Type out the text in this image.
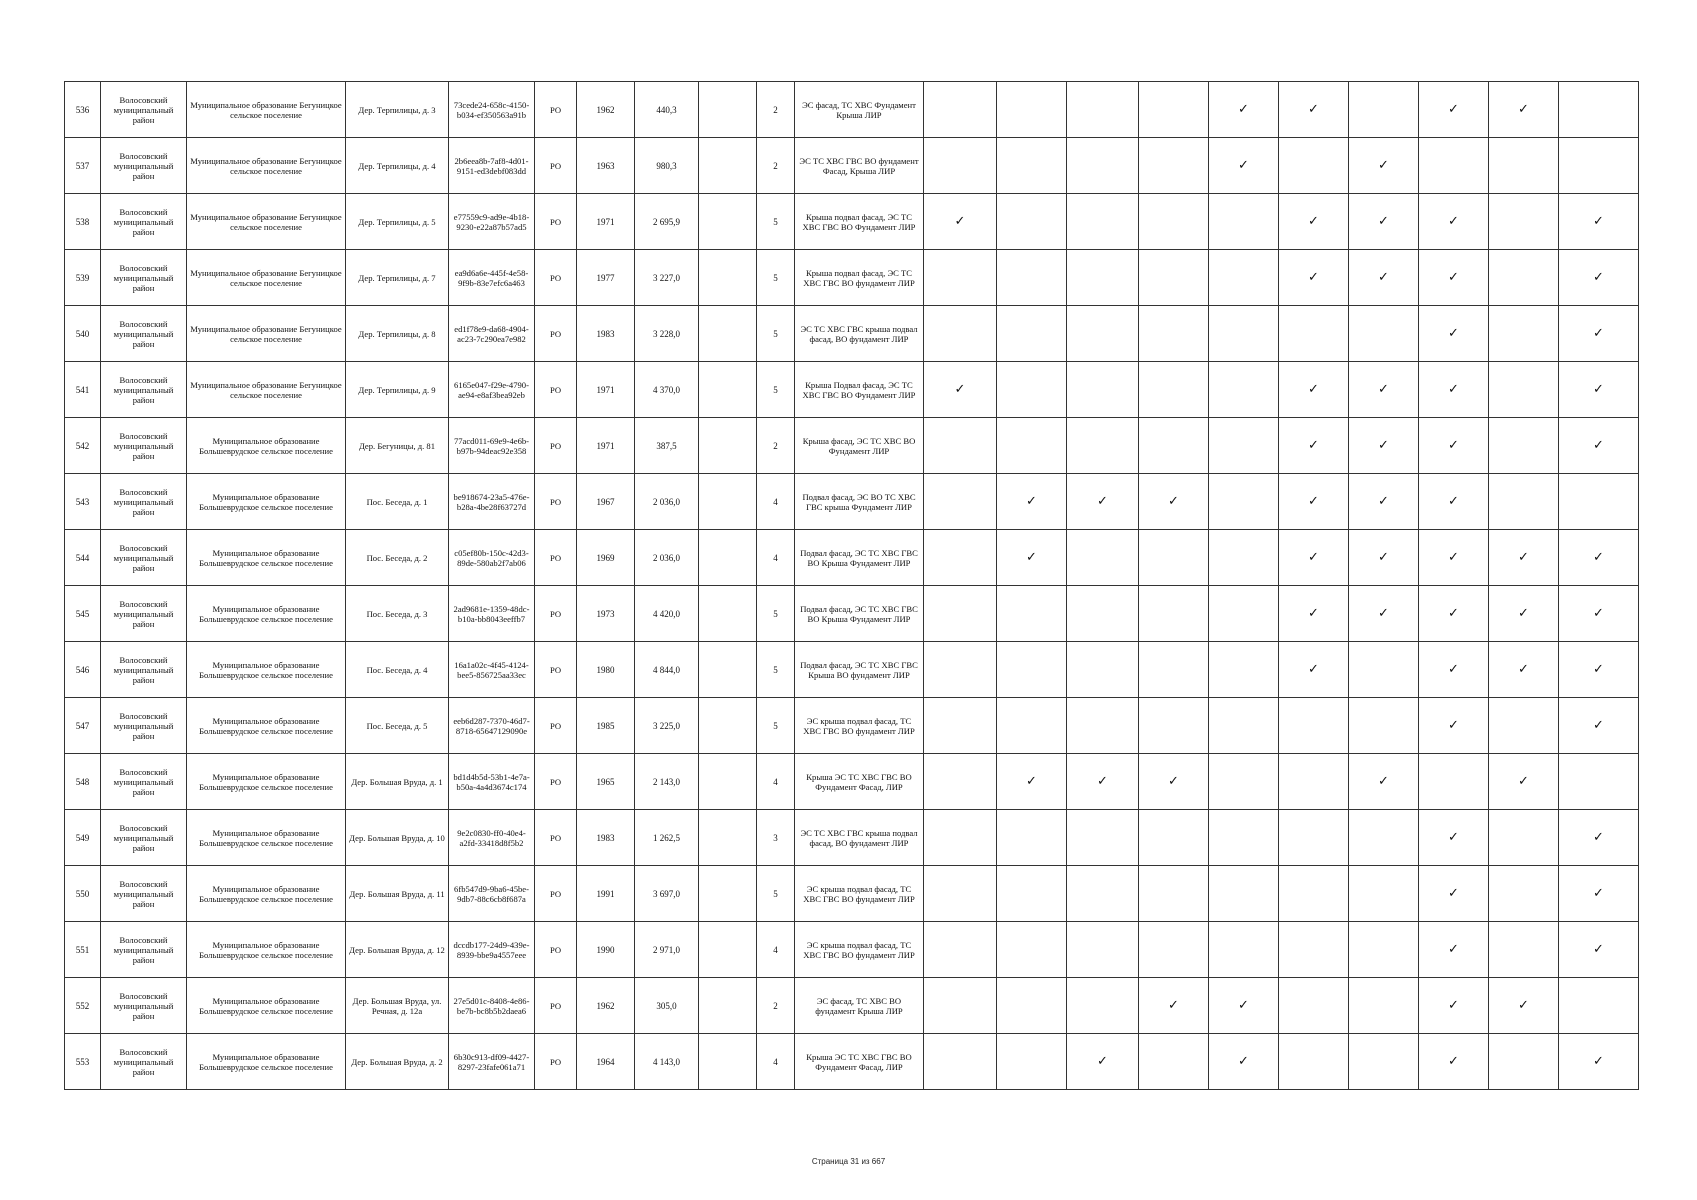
536	Волосовский муниципальный район	Муниципальное образование Бегуницкое сельское поселение	Дер. Терпилицы, д. 3	73cede24-658c-4150-b034-ef350563a91b	РО	1962	440,3		2	ЭС фасад, ТС ХВС Фундамент Крыша ЛИР					✓	✓		✓	✓	
537	Волосовский муниципальный район	Муниципальное образование Бегуницкое сельское поселение	Дер. Терпилицы, д. 4	2b6eea8b-7af8-4d01-9151-ed3debf083dd	РО	1963	980,3		2	ЭС ТС ХВС ГВС ВО фундамент Фасад, Крыша ЛИР					✓		✓			
538	Волосовский муниципальный район	Муниципальное образование Бегуницкое сельское поселение	Дер. Терпилицы, д. 5	e77559c9-ad9e-4b18-9230-e22a87b57ad5	РО	1971	2 695,9		5	Крыша подвал фасад, ЭС ТС ХВС ГВС ВО Фундамент ЛИР	✓					✓	✓	✓		✓
539	Волосовский муниципальный район	Муниципальное образование Бегуницкое сельское поселение	Дер. Терпилицы, д. 7	ea9d6a6e-445f-4e58-9f9b-83e7efc6a463	РО	1977	3 227,0		5	Крыша подвал фасад, ЭС ТС ХВС ГВС ВО фундамент ЛИР						✓	✓	✓		✓
540	Волосовский муниципальный район	Муниципальное образование Бегуницкое сельское поселение	Дер. Терпилицы, д. 8	ed1f78e9-da68-4904-ac23-7c290ea7e982	РО	1983	3 228,0		5	ЭС ТС ХВС ГВС крыша подвал фасад, ВО фундамент ЛИР								✓		✓
541	Волосовский муниципальный район	Муниципальное образование Бегуницкое сельское поселение	Дер. Терпилицы, д. 9	6165e047-f29e-4790-ae94-e8af3bea92eb	РО	1971	4 370,0		5	Крыша Подвал фасад, ЭС ТС ХВС ГВС ВО Фундамент ЛИР	✓					✓	✓	✓		✓
542	Волосовский муниципальный район	Муниципальное образование Большеврудское сельское поселение	Дер. Бегуницы, д. 81	77acd011-69e9-4e6b-b97b-94deac92e358	РО	1971	387,5		2	Крыша фасад, ЭС ТС ХВС ВО Фундамент ЛИР						✓	✓	✓		✓
543	Волосовский муниципальный район	Муниципальное образование Большеврудское сельское поселение	Пос. Беседа, д. 1	be918674-23a5-476e-b28a-4be28f63727d	РО	1967	2 036,0		4	Подвал фасад, ЭС ВО ТС ХВС ГВС крыша Фундамент ЛИР		✓	✓	✓		✓	✓	✓		
544	Волосовский муниципальный район	Муниципальное образование Большеврудское сельское поселение	Пос. Беседа, д. 2	c05ef80b-150c-42d3-89de-580ab2f7ab06	РО	1969	2 036,0		4	Подвал фасад, ЭС ТС ХВС ГВС ВО Крыша Фундамент ЛИР		✓				✓	✓	✓	✓	✓
545	Волосовский муниципальный район	Муниципальное образование Большеврудское сельское поселение	Пос. Беседа, д. 3	2ad9681e-1359-48dc-b10a-bb8043eeffb7	РО	1973	4 420,0		5	Подвал фасад, ЭС ТС ХВС ГВС ВО Крыша Фундамент ЛИР						✓	✓	✓	✓	✓
546	Волосовский муниципальный район	Муниципальное образование Большеврудское сельское поселение	Пос. Беседа, д. 4	16a1a02c-4f45-4124-bee5-856725aa33ec	РО	1980	4 844,0		5	Подвал фасад, ЭС ТС ХВС ГВС Крыша ВО фундамент ЛИР						✓		✓	✓	✓
547	Волосовский муниципальный район	Муниципальное образование Большеврудское сельское поселение	Пос. Беседа, д. 5	eeb6d287-7370-46d7-8718-65647129090e	РО	1985	3 225,0		5	ЭС крыша подвал фасад, ТС ХВС ГВС ВО фундамент ЛИР								✓		✓
548	Волосовский муниципальный район	Муниципальное образование Большеврудское сельское поселение	Дер. Большая Вруда, д. 1	bd1d4b5d-53b1-4e7a-b50a-4a4d3674c174	РО	1965	2 143,0		4	Крыша ЭС ТС ХВС ГВС ВО Фундамент Фасад, ЛИР		✓	✓	✓			✓		✓	
549	Волосовский муниципальный район	Муниципальное образование Большеврудское сельское поселение	Дер. Большая Вруда, д. 10	9e2c0830-ff0-40e4-a2fd-33418d8f5b2	РО	1983	1 262,5		3	ЭС ТС ХВС ГВС крыша подвал фасад, ВО фундамент ЛИР								✓		✓
550	Волосовский муниципальный район	Муниципальное образование Большеврудское сельское поселение	Дер. Большая Вруда, д. 11	6fb547d9-9ba6-45be-9db7-88c6cb8f687a	РО	1991	3 697,0		5	ЭС крыша подвал фасад, ТС ХВС ГВС ВО фундамент ЛИР								✓		✓
551	Волосовский муниципальный район	Муниципальное образование Большеврудское сельское поселение	Дер. Большая Вруда, д. 12	dccdb177-24d9-439e-8939-bbe9a4557eee	РО	1990	2 971,0		4	ЭС крыша подвал фасад, ТС ХВС ГВС ВО фундамент ЛИР								✓		✓
552	Волосовский муниципальный район	Муниципальное образование Большеврудское сельское поселение	Дер. Большая Вруда, ул. Речная, д. 12а	27e5d01c-8408-4e86-be7b-bc8b5b2daea6	РО	1962	305,0		2	ЭС фасад, ТС ХВС ВО фундамент Крыша ЛИР				✓	✓			✓	✓	
553	Волосовский муниципальный район	Муниципальное образование Большеврудское сельское поселение	Дер. Большая Вруда, д. 2	6b30c913-df09-4427-8297-23fafe061a71	РО	1964	4 143,0		4	Крыша ЭС ТС ХВС ГВС ВО Фундамент Фасад, ЛИР			✓		✓			✓		✓
Страница 31 из 667
